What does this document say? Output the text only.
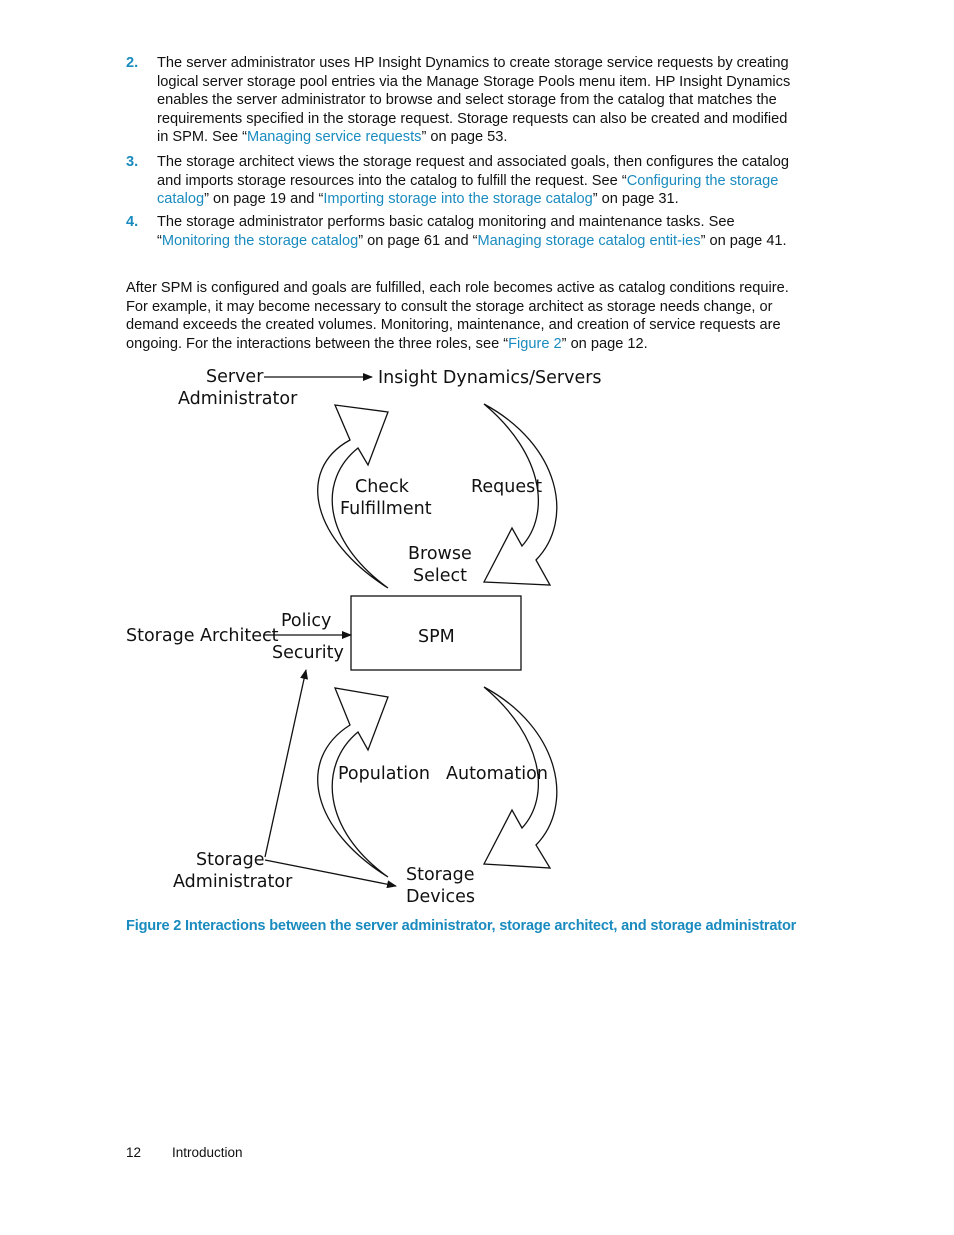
2. The server administrator uses HP Insight Dynamics to create storage service requests by creating logical server storage pool entries via the Manage Storage Pools menu item. HP Insight Dynamics enables the server administrator to browse and select storage from the catalog that matches the requirements specified in the storage request. Storage requests can also be created and modified in SPM. See “Managing service requests” on page 53.
3. The storage architect views the storage request and associated goals, then configures the catalog and imports storage resources into the catalog to fulfill the request. See “Configuring the storage catalog” on page 19 and “Importing storage into the storage catalog” on page 31.
4. The storage administrator performs basic catalog monitoring and maintenance tasks. See “Monitoring the storage catalog” on page 61 and “Managing storage catalog entit-ies” on page 41.
After SPM is configured and goals are fulfilled, each role becomes active as catalog conditions require. For example, it may become necessary to consult the storage architect as storage needs change, or demand exceeds the created volumes. Monitoring, maintenance, and creation of service requests are ongoing. For the interactions between the three roles, see “Figure 2” on page 12.
Server
Administrator
Insight Dynamics/Servers
Check
Fulfillment
Request
Browse
Select
Storage Architect
Policy
Security
SPM
Population Automation
Storage
Administrator	Storage
Devices
Figure 2 Interactions between the server administrator, storage architect, and storage administrator
12 Introduction
